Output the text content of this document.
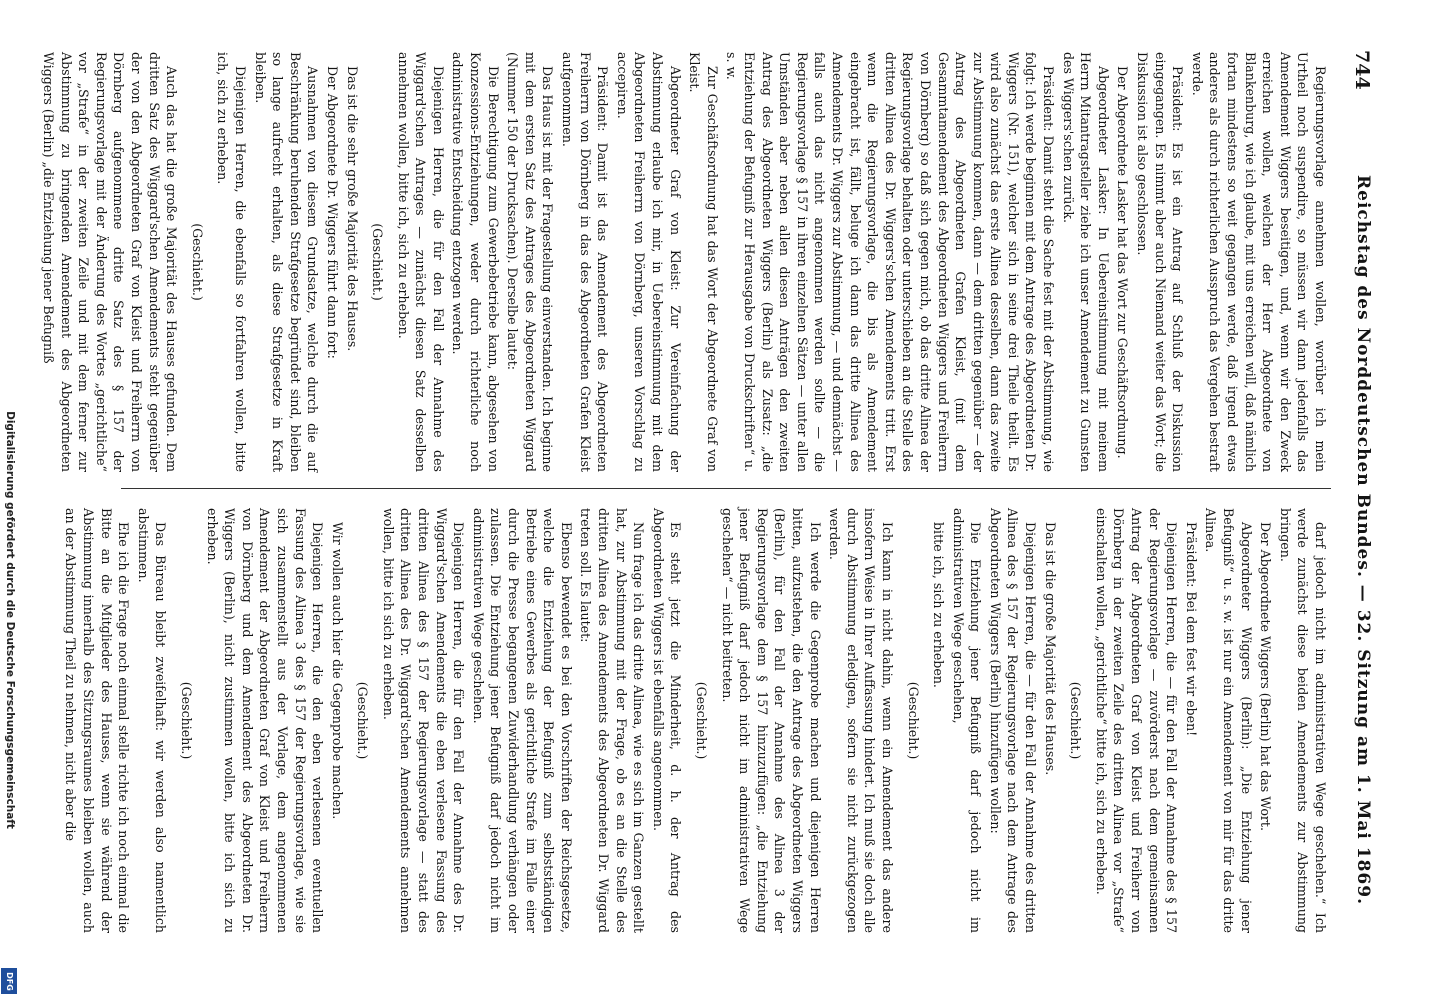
Digitalisierung gefördert durch die Deutsche Forschungsgemeinschaft
DFG
744
Reichstag des Norddeutschen Bundes. — 32. Sitzung am 1. Mai 1869.

Regierungsvorlage annehmen wollen, worüber ich mein Urtheil noch suspendire, so müssen wir dann jedenfalls das Amendement Wiggers beseitigen, und, wenn wir den Zweck erreichen wollen, welchen der Herr Abgeordnete von Blankenburg, wie ich glaube, mit uns erreichen will, daß nämlich fortan mindestens so weit gegangen werde, daß irgend etwas anderes als durch richterlichen Ausspruch das Vergehen bestraft werde.

Präsident: Es ist ein Antrag auf Schluß der Diskussion eingegangen. Es nimmt aber auch Niemand weiter das Wort; die Diskussion ist also geschlossen.

Der Abgeordnete Lasker hat das Wort zur Geschäftsordnung.

Abgeordneter Lasker: In Uebereinstimmung mit meinem Herrn Mitantragsteller ziehe ich unser Amendement zu Gunsten des Wiggers'schen zurück.

Präsident: Damit steht die Sache fest mit der Abstimmung, wie folgt: Ich werde beginnen mit dem Antrage des Abgeordneten Dr. Wiggers (Nr. 151), welcher sich in seine drei Theile theilt. Es wird also zunächst das erste Alinea desselben, dann das zweite zur Abstimmung kommen, dann — dem dritten gegenüber — der Antrag des Abgeordneten Grafen Kleist, (mit dem Gesammtamendement des Abgeordneten Wiggers und Freiherrn von Dörnberg) so daß sich gegen mich, ob das dritte Alinea der Regierungsvorlage behalten oder unterschieben an die Stelle des dritten Alinea des Dr. Wiggers'schen Amendements tritt. Erst wenn die Regierungsvorlage, die bis als Amendement eingebracht ist, fällt, beluge ich dann das dritte Alinea des Amendements Dr. Wiggers zur Abstimmung, — und demnächst — falls auch das nicht angenommen werden sollte — die Regierungsvorlage § 157 in ihren einzelnen Sätzen — unter allen Umständen aber neben allen diesen Anträgen den zweiten Antrag des Abgeordneten Wiggers (Berlin) als Zusatz: „die Entziehung der Befugniß zur Herausgabe von Druckschriften“ u. s. w.

Zur Geschäftsordnung hat das Wort der Abgeordnete Graf von Kleist.

Abgeordneter Graf von Kleist: Zur Vereinfachung der Abstimmung erlaube ich mir, in Uebereinstimmung mit dem Abgeordneten Freiherrn von Dörnberg, unseren Vorschlag zu accepiren.

Präsident: Damit ist das Amendement des Abgeordneten Freiherrn von Dörnberg in das des Abgeordneten Grafen Kleist aufgenommen.

Das Haus ist mit der Fragestellung einverstanden. Ich beginne mit dem ersten Satz des Antrages des Abgeordneten Wiggard (Nummer 150 der Drucksachen). Derselbe lautet:

Die Berechtigung zum Gewerbebetriebe kann, abgesehen von Konzessions-Entziehungen, weder durch richterliche noch administrative Entscheidung entzogen werden.

Diejenigen Herren, die für den Fall der Annahme des Wiggard'schen Antrages — zunächst diesen Satz desselben annehmen wollen, bitte ich, sich zu erheben.

(Geschieht.)

Das ist die sehr große Majorität des Hauses.

Der Abgeordnete Dr. Wiggers führt dann fort:

Ausnahmen von diesem Grundsatze, welche durch die auf Beschränkung beruhenden Strafgesetze begründet sind, bleiben so lange aufrecht erhalten, als diese Strafgesetze in Kraft bleiben.

Diejenigen Herren, die ebenfalls so fortfahren wollen, bitte ich, sich zu erheben.

(Geschieht.)

Auch das hat die große Majorität des Hauses gefunden. Dem dritten Satz des Wiggard'schen Amendements steht gegenüber der von den Abgeordneten Graf von Kleist und Freiherrn von Dörnberg aufgenommene dritte Satz des § 157 der Regierungsvorlage mit der Änderung des Wortes „gerichtliche“ vor „Strafe“ in der zweiten Zeile und mit dem ferner zur Abstimmung zu bringenden Amendement des Abgeordneten Wiggers (Berlin) „die Entziehung jener Befugniß

darf jedoch nicht im administrativen Wege geschehen.“ Ich werde zunächst diese beiden Amendements zur Abstimmung bringen.

Der Abgeordnete Wiggers (Berlin) hat das Wort.

Abgeordneter Wiggers (Berlin): „Die Entziehung jener Befugniß“ u. s. w. ist nur ein Amendement von mir für das dritte Alinea.

Präsident: Bei dem fest wir eben!

Diejenigen Herren, die — für den Fall der Annahme des § 157 der Regierungsvorlage — zuvörderst nach dem gemeinsamen Antrag der Abgeordneten Graf von Kleist und Freiherr von Dörnberg in der zweiten Zeile des dritten Alinea vor „Strafe“ einschalten wollen, „gerichtliche“ bitte ich, sich zu erheben.

(Geschieht.)

Das ist die große Majorität des Hauses.

Diejenigen Herren, die — für den Fall der Annahme des dritten Alinea des § 157 der Regierungsvorlage nach dem Antrage des Abgeordneten Wiggers (Berlin) hinzufügen wollen:

Die Entziehung jener Befugniß darf jedoch nicht im administrativen Wege geschehen,

bitte ich, sich zu erheben.

(Geschieht.)

Ich kann in nicht dahin, wenn ein Amendement das andere insofern Weise in Ihrer Auffassung hindert. Ich muß sie doch alle durch Abstimmung erledigen, sofern sie nicht zurückgezogen werden.

Ich werde die Gegenprobe machen und diejenigen Herren bitten, aufzustehen, die den Antrage des Abgeordneten Wiggers (Berlin), für den Fall der Annahme des Alinea 3 der Regierungsvorlage dem § 157 hinzuzufügen: „die Entziehung jener Befugniß darf jedoch nicht im administrativen Wege geschehen“ — nicht beitreten.

(Geschieht.)

Es steht jetzt die Minderheit, d. h. der Antrag des Abgeordneten Wiggers ist ebenfalls angenommen.

Nun frage ich das dritte Alinea, wie es sich im Ganzen gestellt hat, zur Abstimmung mit der Frage, ob es an die Stelle des dritten Alinea des Amendements des Abgeordneten Dr. Wiggard treten soll. Es lautet:

Ebenso bewendet es bei den Vorschriften der Reichsgesetze, welche die Entziehung der Befugniß zum selbstständigen Betriebe eines Gewerbes als gerichtliche Strafe im Falle einer durch die Presse begangenen Zuwiderhandlung verhängen oder zulassen. Die Entziehung jener Befugniß darf jedoch nicht im administrativen Wege geschehen.

Diejenigen Herren, die für den Fall der Annahme des Dr. Wiggard'schen Amendements die eben verlesene Fassung des dritten Alinea des § 157 der Regierungsvorlage — statt des dritten Alinea des Dr. Wiggard'schen Amendements annehmen wollen, bitte ich sich zu erheben.

(Geschieht.)

Wir wollen auch hier die Gegenprobe machen.

Diejenigen Herren, die den eben verlesenen eventuellen Fassung des Alinea 3 des § 157 der Regierungsvorlage, wie sie sich zusammenstellt aus der Vorlage, dem angenommenen Amendement der Abgeordneten Graf von Kleist und Freiherrn von Dörnberg und dem Amendement des Abgeordneten Dr. Wiggers (Berlin), nicht zustimmen wollen, bitte ich sich zu erheben.

(Geschieht.)

Das Büreau bleibt zweifelhaft: wir werden also namentlich abstimmen.

Ehe ich die Frage noch einmal stelle richte ich noch einmal die Bitte an die Mitglieder des Hauses, wenn sie während der Abstimmung innerhalb des Sitzungsraumes bleiben wollen, auch an der Abstimmung Theil zu nehmen, nicht aber die
